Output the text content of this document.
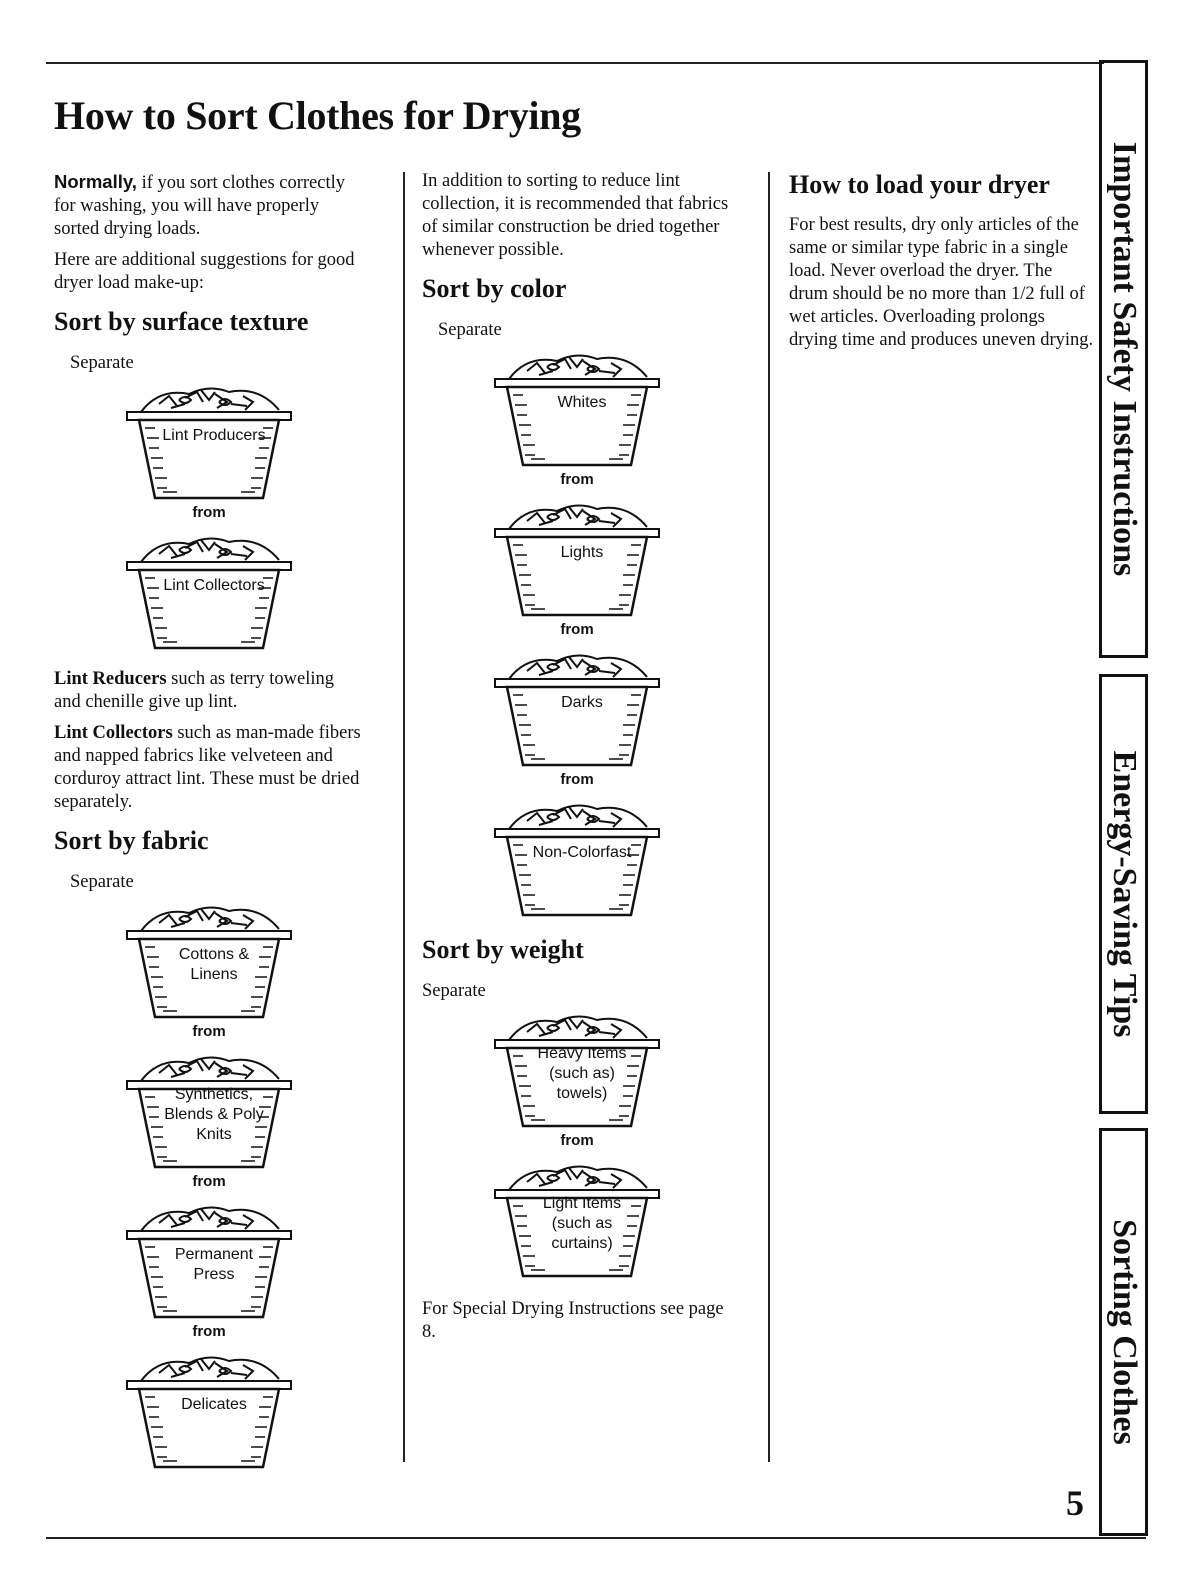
How to Sort Clothes for Drying

Normally, if you sort clothes correctly for washing, you will have properly sorted drying loads.

Here are additional suggestions for good dryer load make-up:

Sort by surface texture
Separate
Lint Producers
from
Lint Collectors

Lint Reducers such as terry toweling and chenille give up lint.

Lint Collectors such as man-made fibers and napped fabrics like velveteen and corduroy attract lint. These must be dried separately.

Sort by fabric
Separate
Cottons & Linens
from
Synthetics, Blends & Poly Knits
from
Permanent Press
from
Delicates

In addition to sorting to reduce lint collection, it is recommended that fabrics of similar construction be dried together whenever possible.

Sort by color
Separate
Whites
from
Lights
from
Darks
from
Non-Colorfast
Sort by weight
Separate
Heavy Items (such as) towels)
from
Light Items (such as curtains)

For Special Drying Instructions see page 8.

How to load your dryer

For best results, dry only articles of the same or similar type fabric in a single load. Never overload the dryer. The drum should be no more than 1/2 full of wet articles. Overloading prolongs drying time and produces uneven drying. Important Safety Instructions
Energy-Saving Tips
Sorting Clothes
5
